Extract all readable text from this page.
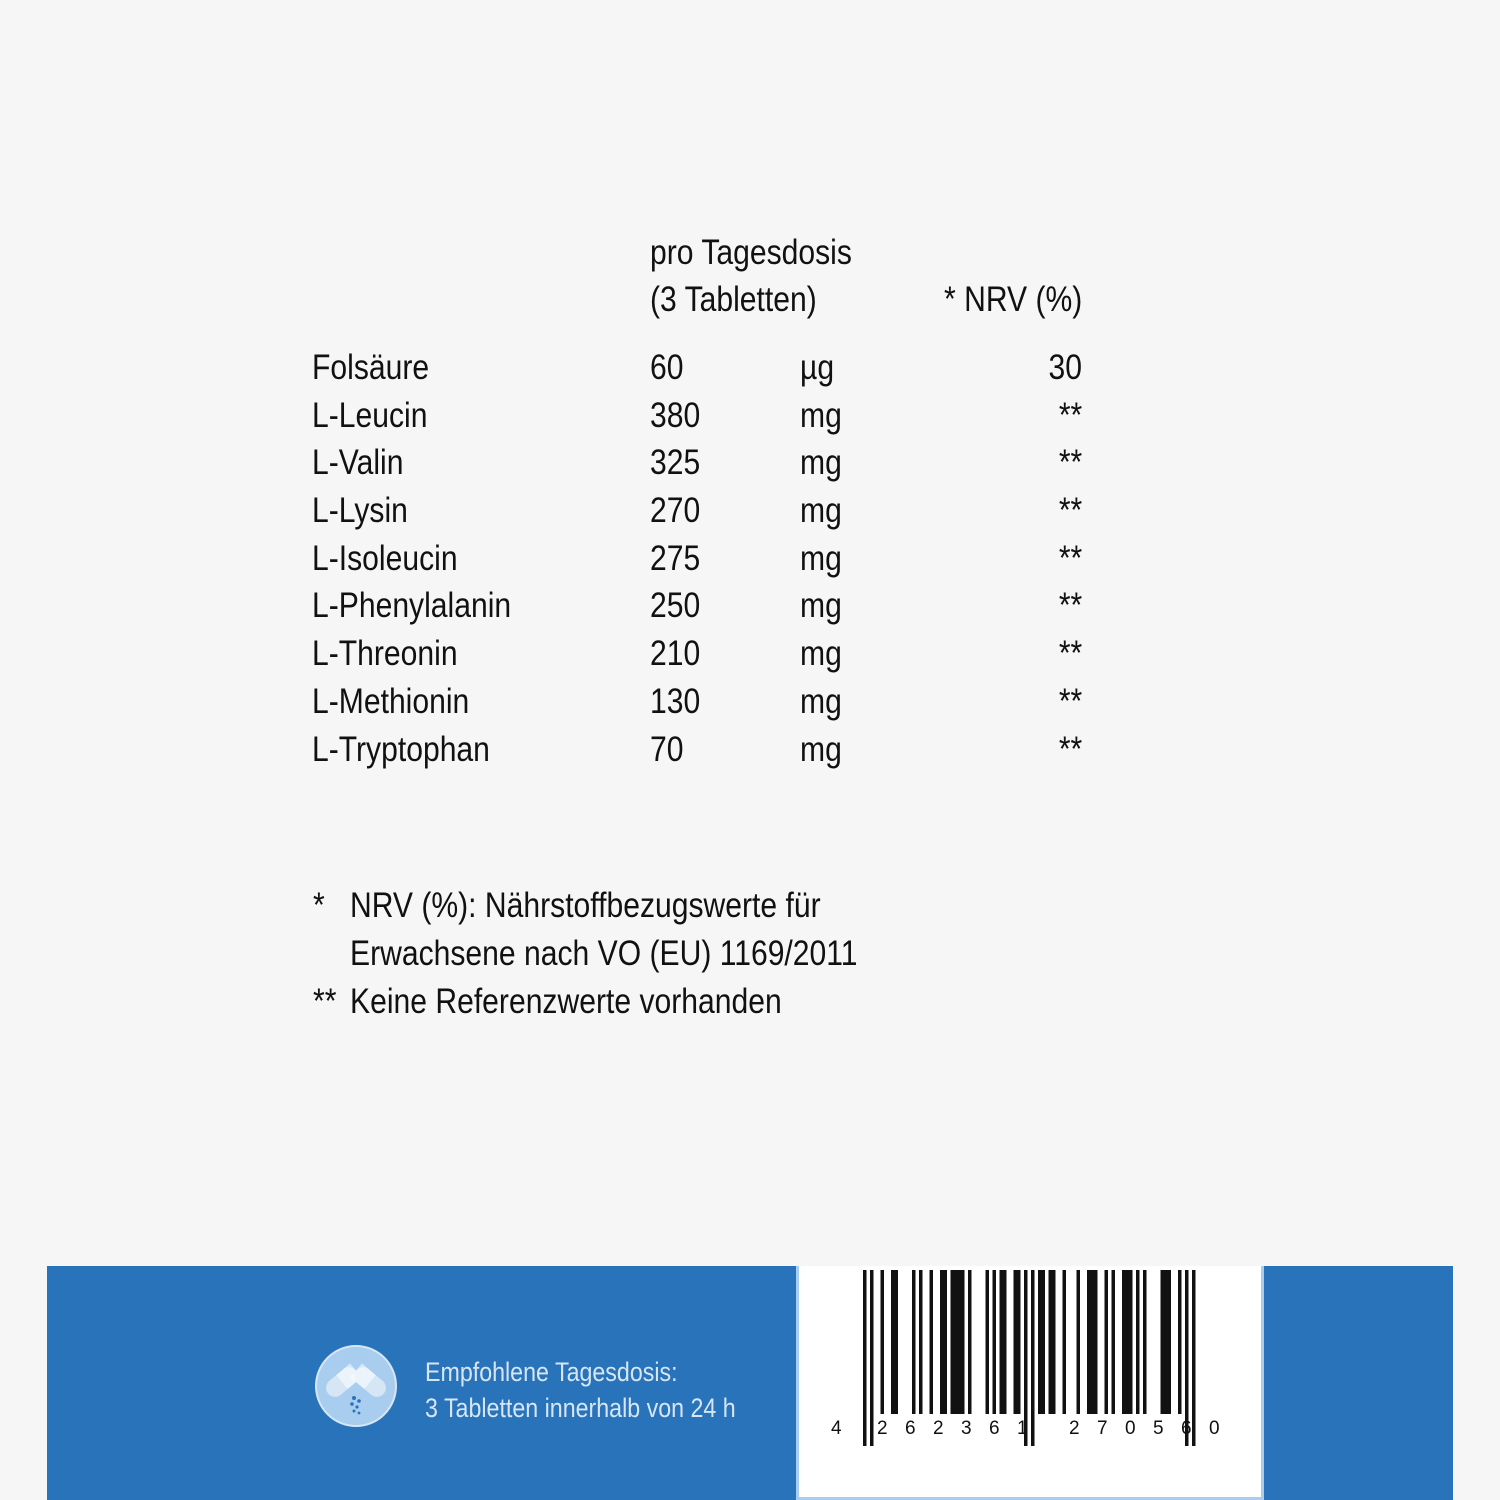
pro Tagesdosis
(3 Tabletten)	* NRV (%)
Folsäure	60	µg	30
L-Leucin	380	mg	**
L-Valin	325	mg	**
L-Lysin	270	mg	**
L-Isoleucin	275	mg	**
L-Phenylalanin	250	mg	**
L-Threonin	210	mg	**
L-Methionin	130	mg	**
L-Tryptophan	70	mg	**
* NRV (%): Nährstoffbezugswerte für
Erwachsene nach VO (EU) 1169/2011
** Keine Referenzwerte vorhanden
Empfohlene Tagesdosis:
3 Tabletten innerhalb von 24 h
4 2 6 2 3 6 1 2 7 0 5 6 0
